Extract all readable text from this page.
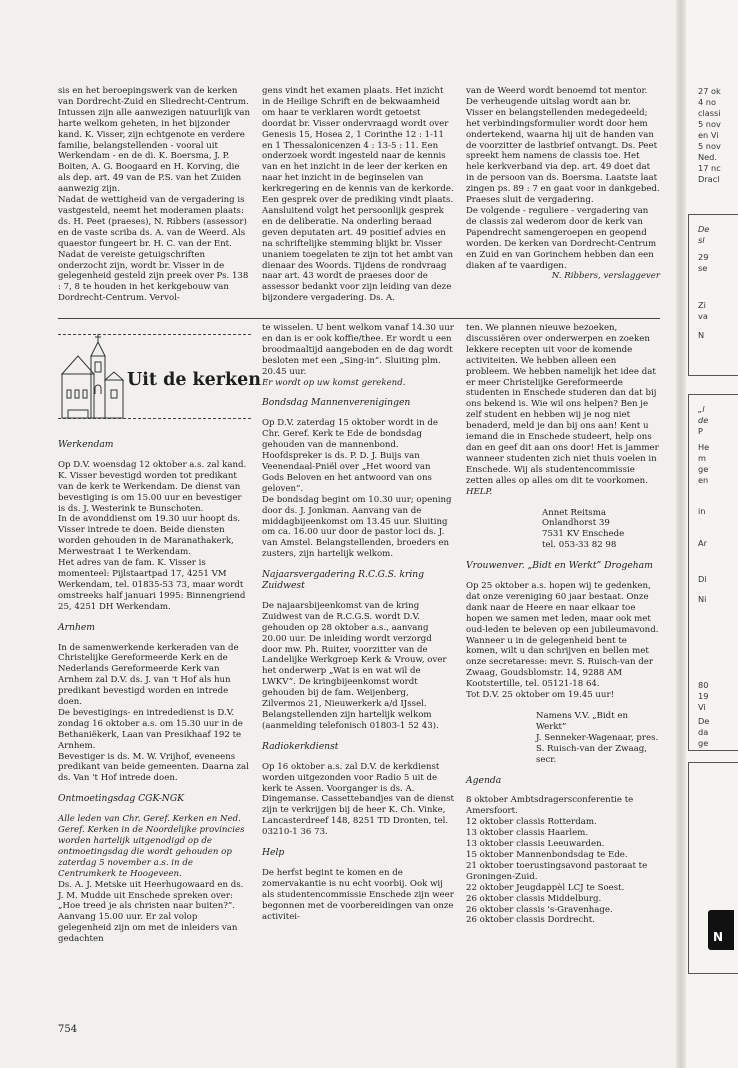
sis en het beroepingswerk van de kerken van Dordrecht-Zuid en Sliedrecht-Centrum.

Intussen zijn alle aanwezigen natuurlijk van harte welkom geheten, in het bijzonder kand. K. Visser, zijn echtgenote en verdere familie, belangstellenden - vooral uit Werkendam - en de di. K. Boersma, J. P. Boiten, A. G. Boogaard en H. Korving, die als dep. art. 49 van de P.S. van het Zuiden aanwezig zijn.

Nadat de wettigheid van de vergadering is vastgesteld, neemt het moderamen plaats: ds. H. Peet (praeses), N. Ribbers (assessor) en de vaste scriba ds. A. van de Weerd. Als quaestor fungeert br. H. C. van der Ent.

Nadat de vereiste getuigschriften onderzocht zijn, wordt br. Visser in de gelegenheid gesteld zijn preek over Ps. 138 : 7, 8 te houden in het kerkgebouw van Dordrecht-Centrum. Vervol-

gens vindt het examen plaats. Het inzicht in de Heilige Schrift en de bekwaamheid om haar te verklaren wordt getoetst doordat br. Visser ondervraagd wordt over Genesis 15, Hosea 2, 1 Corinthe 12 : 1-11 en 1 Thessalonicenzen 4 : 13-5 : 11. Een onderzoek wordt ingesteld naar de kennis van en het inzicht in de leer der kerken en naar het inzicht in de beginselen van kerkregering en de kennis van de kerkorde. Een gesprek over de prediking vindt plaats. Aansluitend volgt het persoonlijk gesprek en de deliberatie. Na onderling beraad geven deputaten art. 49 positief advies en na schriftelijke stemming blijkt br. Visser unaniem toegelaten te zijn tot het ambt van dienaar des Woords. Tijdens de rondvraag naar art. 43 wordt de praeses door de assessor bedankt voor zijn leiding van deze bijzondere vergadering. Ds. A.

van de Weerd wordt benoemd tot mentor.

De verheugende uitslag wordt aan br. Visser en belangstellenden medegedeeld; het verbindingsformulier wordt door hem ondertekend, waarna hij uit de handen van de voorzitter de lastbrief ontvangt. Ds. Peet spreekt hem namens de classis toe. Het hele kerkverband via dep. art. 49 doet dat in de persoon van ds. Boersma. Laatste laat zingen ps. 89 : 7 en gaat voor in dankgebed.

Praeses sluit de vergadering.

De volgende - reguliere - vergadering van de classis zal wederom door de kerk van Papendrecht samengeroepen en geopend worden. De kerken van Dordrecht-Centrum en Zuid en van Gorinchem hebben dan een diaken af te vaardigen.

N. Ribbers, verslaggever

Uit de kerken
Werkendam

Op D.V. woensdag 12 oktober a.s. zal kand. K. Visser bevestigd worden tot predikant van de kerk te Werkendam. De dienst van bevestiging is om 15.00 uur en bevestiger is ds. J. Westerink te Bunschoten.

In de avonddienst om 19.30 uur hoopt ds. Visser intrede te doen. Beide diensten worden gehouden in de Maranathakerk, Merwestraat 1 te Werkendam.

Het adres van de fam. K. Visser is momenteel: Pijlstaartpad 17, 4251 VM Werkendam, tel. 01835-53 73, maar wordt omstreeks half januari 1995: Binnengriend 25, 4251 DH Werkendam.

Arnhem

In de samenwerkende kerkeraden van de Christelijke Gereformeerde Kerk en de Nederlands Gereformeerde Kerk van Arnhem zal D.V. ds. J. van 't Hof als hun predikant bevestigd worden en intrede doen.

De bevestigings- en intrededienst is D.V. zondag 16 oktober a.s. om 15.30 uur in de Bethaniëkerk, Laan van Presikhaaf 192 te Arnhem.

Bevestiger is ds. M. W. Vrijhof, eveneens predikant van beide gemeenten. Daarna zal ds. Van 't Hof intrede doen.

Ontmoetingsdag CGK-NGK

Alle leden van Chr. Geref. Kerken en Ned. Geref. Kerken in de Noordelijke provincies worden hartelijk uitgenodigd op de ontmoetingsdag die wordt gehouden op zaterdag 5 november a.s. in de Centrumkerk te Hoogeveen.

Ds. A. J. Metske uit Heerhugowaard en ds. J. M. Mudde uit Enschede spreken over: „Hoe treed je als christen naar buiten?”. Aanvang 15.00 uur. Er zal volop gelegenheid zijn om met de inleiders van gedachten

te wisselen. U bent welkom vanaf 14.30 uur en dan is er ook koffie/thee. Er wordt u een broodmaaltijd aangeboden en de dag wordt besloten met een „Sing-in”. Sluiting plm. 20.45 uur.

Er wordt op uw komst gerekend.

Bondsdag Mannenverenigingen

Op D.V. zaterdag 15 oktober wordt in de Chr. Geref. Kerk te Ede de bondsdag gehouden van de mannenbond. Hoofdspreker is ds. P. D. J. Buijs van Veenendaal-Pniël over „Het woord van Gods Beloven en het antwoord van ons geloven”.

De bondsdag begint om 10.30 uur; opening door ds. J. Jonkman. Aanvang van de middagbijeenkomst om 13.45 uur. Sluiting om ca. 16.00 uur door de pastor loci ds. J. van Amstel. Belangstellenden, broeders en zusters, zijn hartelijk welkom.

Najaarsvergadering R.C.G.S. kring Zuidwest

De najaarsbijeenkomst van de kring Zuidwest van de R.C.G.S. wordt D.V. gehouden op 28 oktober a.s., aanvang 20.00 uur. De inleiding wordt verzorgd door mw. Ph. Ruiter, voorzitter van de Landelijke Werkgroep Kerk & Vrouw, over het onderwerp „Wat is en wat wil de LWKV”. De kringbijeenkomst wordt gehouden bij de fam. Weijenberg, Zilvermos 21, Nieuwerkerk a/d IJssel. Belangstellenden zijn hartelijk welkom (aanmelding telefonisch 01803-1 52 43).

Radiokerkdienst

Op 16 oktober a.s. zal D.V. de kerkdienst worden uitgezonden voor Radio 5 uit de kerk te Assen. Voorganger is ds. A. Dingemanse. Cassettebandjes van de dienst zijn te verkrijgen bij de heer K. Ch. Vinke, Lancasterdreef 148, 8251 TD Dronten, tel. 03210-1 36 73.

Help

De herfst begint te komen en de zomervakantie is nu echt voorbij. Ook wij als studentencommissie Enschede zijn weer begonnen met de voorbereidingen van onze activitei-

ten. We plannen nieuwe bezoeken, discussiëren over onderwerpen en zoeken lekkere recepten uit voor de komende activiteiten. We hebben alleen een probleem. We hebben namelijk het idee dat er meer Christelijke Gereformeerde studenten in Enschede studeren dan dat bij ons bekend is. Wie wil ons helpen? Ben je zelf student en hebben wij je nog niet benaderd, meld je dan bij ons aan! Kent u iemand die in Enschede studeert, help ons dan en geef dit aan ons door! Het is jammer wanneer studenten zich niet thuis voelen in Enschede. Wij als studentencommissie zetten alles op alles om dit te voorkomen.

HELP.

Annet Reitsma
Onlandhorst 39
7531 KV Enschede
tel. 053-33 82 98
Vrouwenver. „Bidt en Werkt” Drogeham

Op 25 oktober a.s. hopen wij te gedenken, dat onze vereniging 60 jaar bestaat. Onze dank naar de Heere en naar elkaar toe hopen we samen met leden, maar ook met oud-leden te beleven op een jubileumavond. Wanneer u in de gelegenheid bent te komen, wilt u dan schrijven en bellen met onze secretaresse: mevr. S. Ruisch-van der Zwaag, Goudsblomstr. 14, 9288 AM Kootstertille, tel. 05121-18 64.

Tot D.V. 25 oktober om 19.45 uur!

Namens V.V. „Bidt en Werkt”
J. Senneker-Wagenaar, pres.
S. Ruisch-van der Zwaag, secr.
Agenda
8 oktober Ambtsdragersconferentie te Amersfoort.
12 oktober classis Rotterdam.
13 oktober classis Haarlem.
13 oktober classis Leeuwarden.
15 oktober Mannenbondsdag te Ede.
21 oktober toerustingsavond pastoraat te Groningen-Zuid.
22 oktober Jeugdappèl LCJ te Soest.
26 oktober classis Middelburg.
26 oktober classis 's-Gravenhage.
26 oktober classis Dordrecht.
754
27 ok
4 no
classi
5 nov
en Vi
5 nov
Ned.
17 nc
Dracl
De
sl
29
se
Zi
va
N
„l
de
P
He
m
ge
en
in
Ar
Di
Ni
80
19
Vi
De
da
ge
N
